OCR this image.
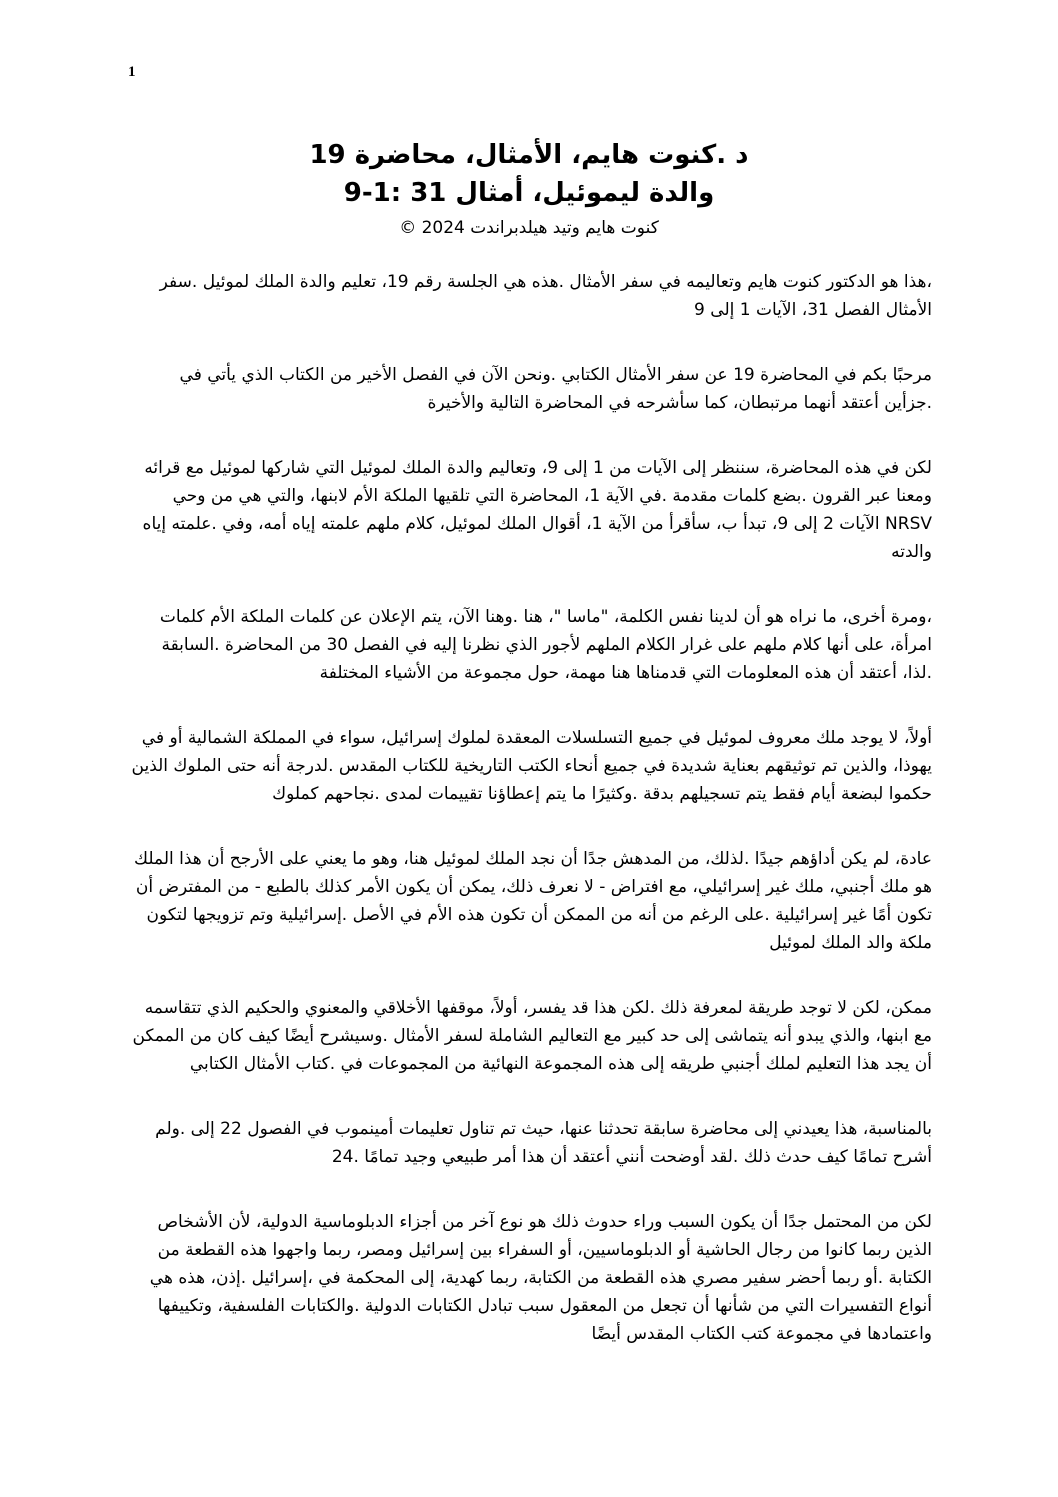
1
د .كنوت هايم، الأمثال، محاضرة 19
والدة ليموئيل، أمثال 31 :1-9
كنوت هايم وتيد هيلدبراندت 2024 ©

،هذا هو الدكتور كنوت هايم وتعاليمه في سفر الأمثال .هذه هي الجلسة رقم 19، تعليم والدة الملك لموئيل .سفر الأمثال الفصل 31، الآيات 1 إلى 9

مرحبًا بكم في المحاضرة 19 عن سفر الأمثال الكتابي .ونحن الآن في الفصل الأخير من الكتاب الذي يأتي في .جزأين أعتقد أنهما مرتبطان، كما سأشرحه في المحاضرة التالية والأخيرة

لكن في هذه المحاضرة، سننظر إلى الآيات من 1 إلى 9، وتعاليم والدة الملك لموئيل التي شاركها لموئيل مع قرائه ومعنا عبر القرون .بضع كلمات مقدمة .في الآية 1، المحاضرة التي تلقيها الملكة الأم لابنها، والتي هي من وحي NRSV الآيات 2 إلى 9، تبدأ ب، سأقرأ من الآية 1، أقوال الملك لموئيل، كلام ملهم علمته إياه أمه، وفي .علمته إياه والدته

،ومرة أخرى، ما نراه هو أن لدينا نفس الكلمة، "ماسا "، هنا .وهنا الآن، يتم الإعلان عن كلمات الملكة الأم كلمات امرأة، على أنها كلام ملهم على غرار الكلام الملهم لأجور الذي نظرنا إليه في الفصل 30 من المحاضرة .السابقة .لذا، أعتقد أن هذه المعلومات التي قدمناها هنا مهمة، حول مجموعة من الأشياء المختلفة

أولاً، لا يوجد ملك معروف لموئيل في جميع التسلسلات المعقدة لملوك إسرائيل، سواء في المملكة الشمالية أو في يهوذا، والذين تم توثيقهم بعناية شديدة في جميع أنحاء الكتب التاريخية للكتاب المقدس .لدرجة أنه حتى الملوك الذين حكموا لبضعة أيام فقط يتم تسجيلهم بدقة .وكثيرًا ما يتم إعطاؤنا تقييمات لمدى .نجاحهم كملوك

عادة، لم يكن أداؤهم جيدًا .لذلك، من المدهش جدًا أن نجد الملك لموئيل هنا، وهو ما يعني على الأرجح أن هذا الملك هو ملك أجنبي، ملك غير إسرائيلي، مع افتراض - لا نعرف ذلك، يمكن أن يكون الأمر كذلك بالطبع - من المفترض أن تكون أمًا غير إسرائيلية .على الرغم من أنه من الممكن أن تكون هذه الأم في الأصل .إسرائيلية وتم تزويجها لتكون ملكة والد الملك لموئيل

ممكن، لكن لا توجد طريقة لمعرفة ذلك .لكن هذا قد يفسر، أولاً، موقفها الأخلاقي والمعنوي والحكيم الذي تتقاسمه مع ابنها، والذي يبدو أنه يتماشى إلى حد كبير مع التعاليم الشاملة لسفر الأمثال .وسيشرح أيضًا كيف كان من الممكن أن يجد هذا التعليم لملك أجنبي طريقه إلى هذه المجموعة النهائية من المجموعات في .كتاب الأمثال الكتابي

بالمناسبة، هذا يعيدني إلى محاضرة سابقة تحدثنا عنها، حيث تم تناول تعليمات أمينموب في الفصول 22 إلى .ولم أشرح تمامًا كيف حدث ذلك .لقد أوضحت أنني أعتقد أن هذا أمر طبيعي وجيد تمامًا .24

لكن من المحتمل جدًا أن يكون السبب وراء حدوث ذلك هو نوع آخر من أجزاء الدبلوماسية الدولية، لأن الأشخاص الذين ربما كانوا من رجال الحاشية أو الدبلوماسيين، أو السفراء بين إسرائيل ومصر، ربما واجهوا هذه القطعة من الكتابة .أو ربما أحضر سفير مصري هذه القطعة من الكتابة، ربما كهدية، إلى المحكمة في ،إسرائيل .إذن، هذه هي أنواع التفسيرات التي من شأنها أن تجعل من المعقول سبب تبادل الكتابات الدولية .والكتابات الفلسفية، وتكييفها واعتمادها في مجموعة كتب الكتاب المقدس أيضًا
